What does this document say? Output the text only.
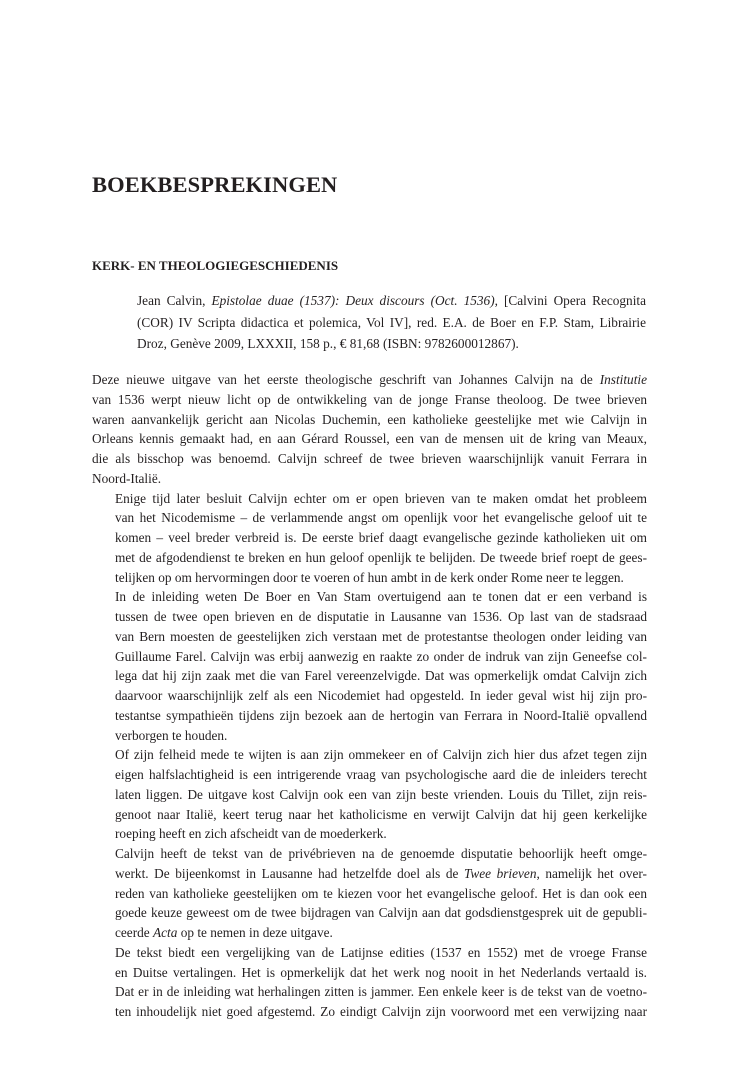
BOEKBESPREKINGEN
KERK- EN THEOLOGIEGESCHIEDENIS

Jean Calvin, Epistolae duae (1537): Deux discours (Oct. 1536), [Calvini Opera Recognita (COR) IV Scripta didactica et polemica, Vol IV], red. E.A. de Boer en F.P. Stam, Librairie Droz, Genève 2009, LXXXII, 158 p., € 81,68 (ISBN: 9782600012867).

Deze nieuwe uitgave van het eerste theologische geschrift van Johannes Calvijn na de Institutie
van 1536 werpt nieuw licht op de ontwikkeling van de jonge Franse theoloog. De twee brieven
waren aanvankelijk gericht aan Nicolas Duchemin, een katholieke geestelijke met wie Calvijn in
Orleans kennis gemaakt had, en aan Gérard Roussel, een van de mensen uit de kring van Meaux,
die als bisschop was benoemd. Calvijn schreef de twee brieven waarschijnlijk vanuit Ferrara in
Noord-Italië.

Enige tijd later besluit Calvijn echter om er open brieven van te maken omdat het probleem
van het Nicodemisme – de verlammende angst om openlijk voor het evangelische geloof uit te
komen – veel breder verbreid is. De eerste brief daagt evangelische gezinde katholieken uit om
met de afgodendienst te breken en hun geloof openlijk te belijden. De tweede brief roept de gees-
telijken op om hervormingen door te voeren of hun ambt in de kerk onder Rome neer te leggen.

In de inleiding weten De Boer en Van Stam overtuigend aan te tonen dat er een verband is
tussen de twee open brieven en de disputatie in Lausanne van 1536. Op last van de stadsraad
van Bern moesten de geestelijken zich verstaan met de protestantse theologen onder leiding van
Guillaume Farel. Calvijn was erbij aanwezig en raakte zo onder de indruk van zijn Geneefse col-
lega dat hij zijn zaak met die van Farel vereenzelvigde. Dat was opmerkelijk omdat Calvijn zich
daarvoor waarschijnlijk zelf als een Nicodemiet had opgesteld. In ieder geval wist hij zijn pro-
testantse sympathieën tijdens zijn bezoek aan de hertogin van Ferrara in Noord-Italië opvallend
verborgen te houden.

Of zijn felheid mede te wijten is aan zijn ommekeer en of Calvijn zich hier dus afzet tegen zijn
eigen halfslachtigheid is een intrigerende vraag van psychologische aard die de inleiders terecht
laten liggen. De uitgave kost Calvijn ook een van zijn beste vrienden. Louis du Tillet, zijn reis-
genoot naar Italië, keert terug naar het katholicisme en verwijt Calvijn dat hij geen kerkelijke
roeping heeft en zich afscheidt van de moederkerk.

Calvijn heeft de tekst van de privébrieven na de genoemde disputatie behoorlijk heeft omge-
werkt. De bijeenkomst in Lausanne had hetzelfde doel als de Twee brieven, namelijk het over-
reden van katholieke geestelijken om te kiezen voor het evangelische geloof. Het is dan ook een
goede keuze geweest om de twee bijdragen van Calvijn aan dat godsdienstgesprek uit de gepubli-
ceerde Acta op te nemen in deze uitgave.

De tekst biedt een vergelijking van de Latijnse edities (1537 en 1552) met de vroege Franse
en Duitse vertalingen. Het is opmerkelijk dat het werk nog nooit in het Nederlands vertaald is.
Dat er in de inleiding wat herhalingen zitten is jammer. Een enkele keer is de tekst van de voetno-
ten inhoudelijk niet goed afgestemd. Zo eindigt Calvijn zijn voorwoord met een verwijzing naar
